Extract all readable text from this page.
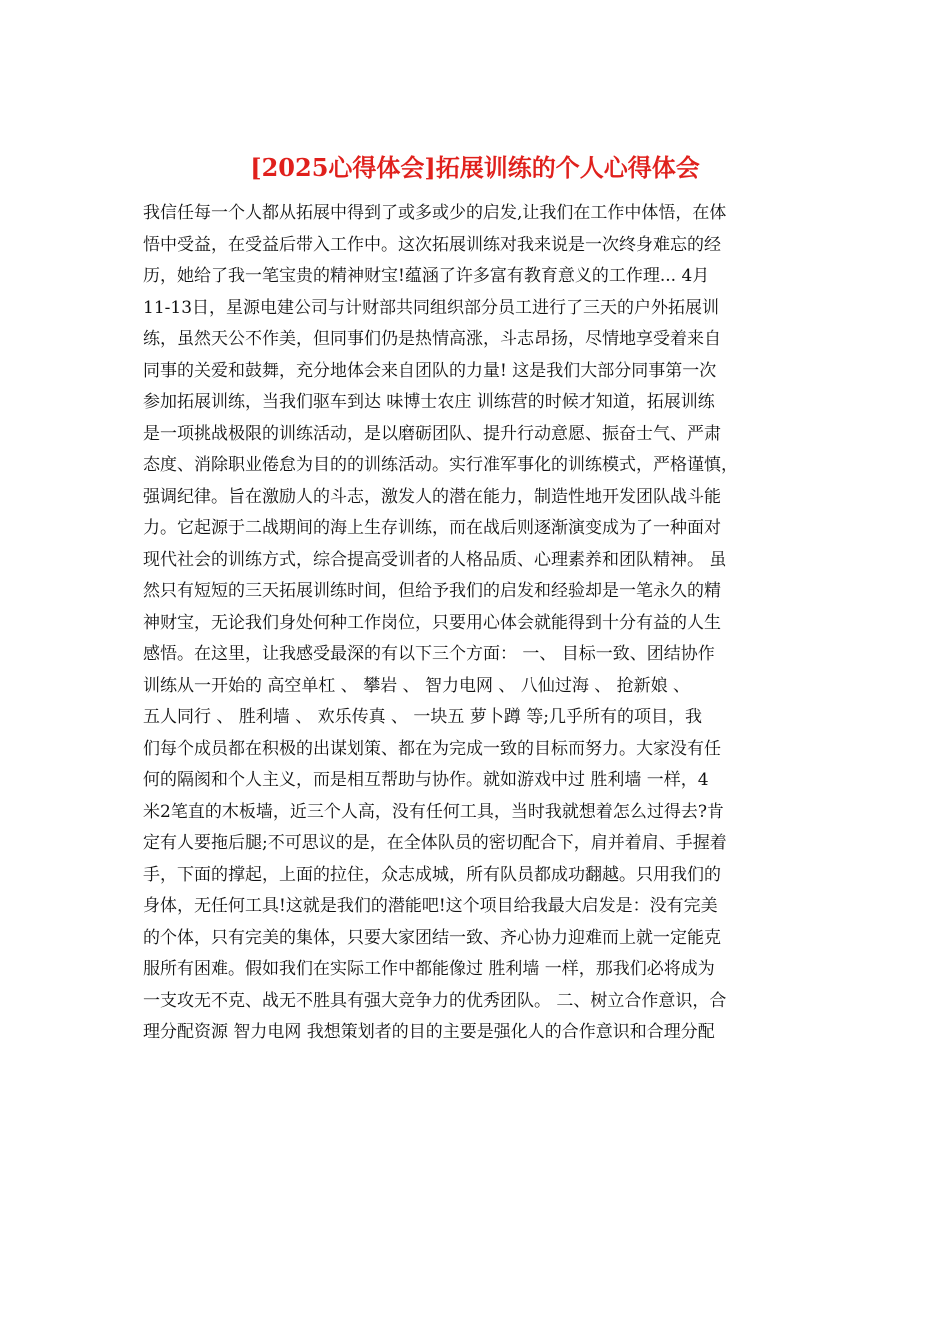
[2025心得体会]拓展训练的个人心得体会
我信任每一个人都从拓展中得到了或多或少的启发,让我们在工作中体悟，在体
悟中受益，在受益后带入工作中。这次拓展训练对我来说是一次终身难忘的经
历，她给了我一笔宝贵的精神财宝!蕴涵了许多富有教育意义的工作理... 4月
11-13日，星源电建公司与计财部共同组织部分员工进行了三天的户外拓展训
练，虽然天公不作美，但同事们仍是热情高涨，斗志昂扬，尽情地享受着来自
同事的关爱和鼓舞，充分地体会来自团队的力量! 这是我们大部分同事第一次
参加拓展训练，当我们驱车到达 味博士农庄 训练营的时候才知道，拓展训练
是一项挑战极限的训练活动，是以磨砺团队、提升行动意愿、振奋士气、严肃
态度、消除职业倦怠为目的的训练活动。实行准军事化的训练模式，严格谨慎，
强调纪律。旨在激励人的斗志，激发人的潜在能力，制造性地开发团队战斗能
力。它起源于二战期间的海上生存训练，而在战后则逐渐演变成为了一种面对
现代社会的训练方式，综合提高受训者的人格品质、心理素养和团队精神。 虽
然只有短短的三天拓展训练时间，但给予我们的启发和经验却是一笔永久的精
神财宝，无论我们身处何种工作岗位，只要用心体会就能得到十分有益的人生
感悟。在这里，让我感受最深的有以下三个方面： 一、 目标一致、团结协作
训练从一开始的 高空单杠 、 攀岩 、 智力电网 、 八仙过海 、 抢新娘 、
五人同行 、 胜利墙 、 欢乐传真 、 一块五 萝卜蹲 等;几乎所有的项目，我
们每个成员都在积极的出谋划策、都在为完成一致的目标而努力。大家没有任
何的隔阂和个人主义，而是相互帮助与协作。就如游戏中过 胜利墙 一样，4
米2笔直的木板墙，近三个人高，没有任何工具，当时我就想着怎么过得去?肯
定有人要拖后腿;不可思议的是，在全体队员的密切配合下，肩并着肩、手握着
手，下面的撑起，上面的拉住，众志成城，所有队员都成功翻越。只用我们的
身体，无任何工具!这就是我们的潜能吧!这个项目给我最大启发是：没有完美
的个体，只有完美的集体，只要大家团结一致、齐心协力迎难而上就一定能克
服所有困难。假如我们在实际工作中都能像过 胜利墙 一样，那我们必将成为
一支攻无不克、战无不胜具有强大竞争力的优秀团队。 二、树立合作意识，合
理分配资源 智力电网 我想策划者的目的主要是强化人的合作意识和合理分配
